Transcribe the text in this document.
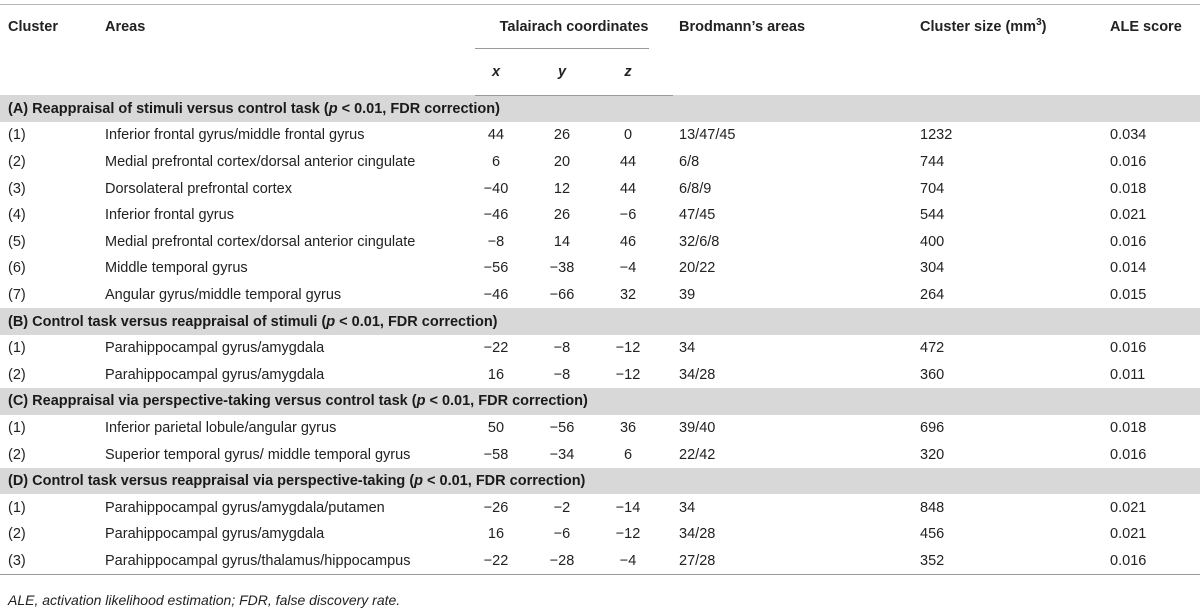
Cluster	Areas	Talairach coordinates			Brodmann’s areas	Cluster size $(mm^3)$	ALE score
		x	y	z			
(A) Reappraisal of stimuli versus control task (p < 0.01, FDR correction)							
(1)	Inferior frontal gyrus/middle frontal gyrus	44	26	0	13/47/45	1232	0.034
(2)	Medial prefrontal cortex/dorsal anterior cingulate	6	20	44	6/8	744	0.016
(3)	Dorsolateral prefrontal cortex	−40	12	44	6/8/9	704	0.018
(4)	Inferior frontal gyrus	−46	26	−6	47/45	544	0.021
(5)	Medial prefrontal cortex/dorsal anterior cingulate	−8	14	46	32/6/8	400	0.016
(6)	Middle temporal gyrus	−56	−38	−4	20/22	304	0.014
(7)	Angular gyrus/middle temporal gyrus	−46	−66	32	39	264	0.015
(B) Control task versus reappraisal of stimuli (p < 0.01, FDR correction)							
(1)	Parahippocampal gyrus/amygdala	−22	−8	−12	34	472	0.016
(2)	Parahippocampal gyrus/amygdala	16	−8	−12	34/28	360	0.011
(C) Reappraisal via perspective-taking versus control task (p < 0.01, FDR correction)							
(1)	Inferior parietal lobule/angular gyrus	50	−56	36	39/40	696	0.018
(2)	Superior temporal gyrus/ middle temporal gyrus	−58	−34	6	22/42	320	0.016
(D) Control task versus reappraisal via perspective-taking (p < 0.01, FDR correction)							
(1)	Parahippocampal gyrus/amygdala/putamen	−26	−2	−14	34	848	0.021
(2)	Parahippocampal gyrus/amygdala	16	−6	−12	34/28	456	0.021
(3)	Parahippocampal gyrus/thalamus/hippocampus	−22	−28	−4	27/28	352	0.016
ALE, activation likelihood estimation; FDR, false discovery rate.
